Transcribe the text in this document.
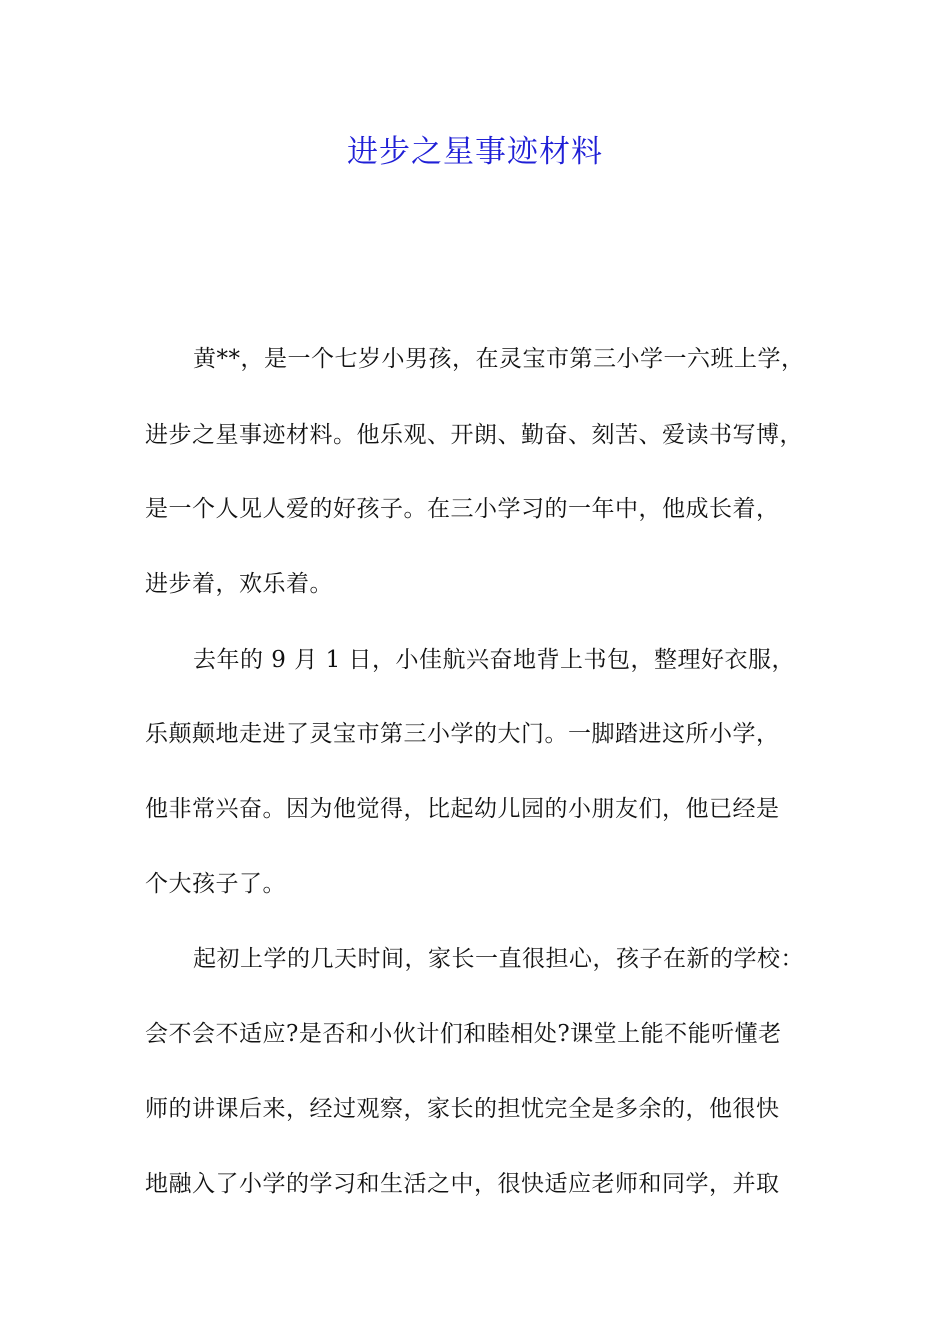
进步之星事迹材料
黄**，是一个七岁小男孩，在灵宝市第三小学一六班上学，
进步之星事迹材料。他乐观、开朗、勤奋、刻苦、爱读书写博，
是一个人见人爱的好孩子。在三小学习的一年中，他成长着，
进步着，欢乐着。
去年的 9 月 1 日，小佳航兴奋地背上书包，整理好衣服，
乐颠颠地走进了灵宝市第三小学的大门。一脚踏进这所小学，
他非常兴奋。因为他觉得，比起幼儿园的小朋友们，他已经是
个大孩子了。
起初上学的几天时间，家长一直很担心，孩子在新的学校：
会不会不适应?是否和小伙计们和睦相处?课堂上能不能听懂老
师的讲课后来，经过观察，家长的担忧完全是多余的，他很快
地融入了小学的学习和生活之中，很快适应老师和同学，并取
